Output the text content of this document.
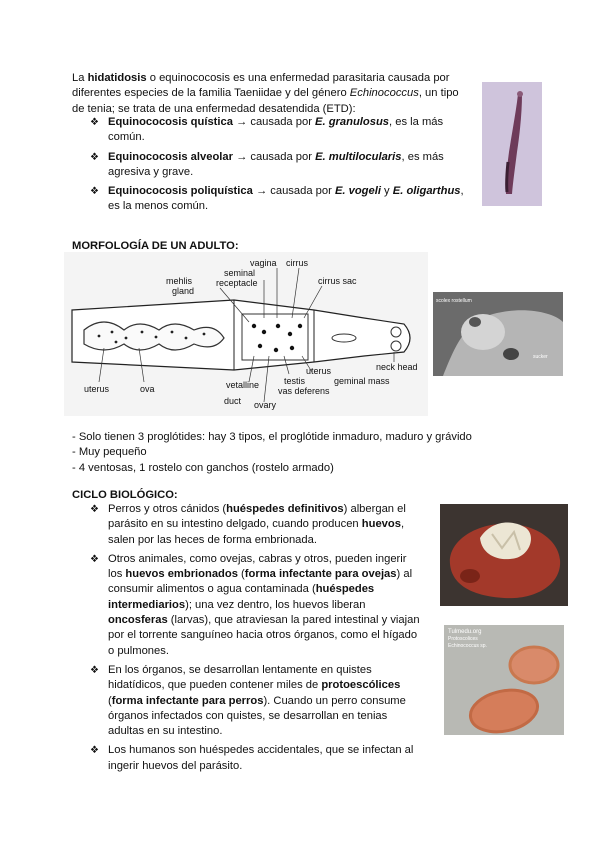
La hidatidosis o equinococosis es una enfermedad parasitaria causada por diferentes especies de la familia Taeniidae y del género Echinococcus, un tipo de tenia; se trata de una enfermedad desatendida (ETD):
❖ Equinococosis quística → causada por E. granulosus, es la más común.
❖ Equinococosis alveolar → causada por E. multilocularis, es más agresiva y grave.
❖ Equinococosis poliquística → causada por E. vogeli y E. oligarthus, es la menos común.
MORFOLOGÍA DE UN ADULTO:
mehlis
gland
seminal
receptacle
vagina cirrus
cirrus sac
neck head
uterus	ova	vetalline
duct ovary
testis
vas deferens
uterus
geminal mass
scolex rostellum
sucker
- Solo tienen 3 proglótides: hay 3 tipos, el proglótide inmaduro, maduro y grávido
- Muy pequeño
- 4 ventosas, 1 rostelo con ganchos (rostelo armado)
CICLO BIOLÓGICO:
❖ Perros y otros cánidos (huéspedes definitivos) albergan el parásito en su intestino delgado, cuando producen huevos, salen por las heces de forma embrionada.
❖ Otros animales, como ovejas, cabras y otros, pueden ingerir los huevos embrionados (forma infectante para ovejas) al consumir alimentos o agua contaminada (huéspedes intermediarios); una vez dentro, los huevos liberan oncosferas (larvas), que atraviesan la pared intestinal y viajan por el torrente sanguíneo hacia otros órganos, como el hígado o pulmones.
❖ En los órganos, se desarrollan lentamente en quistes hidatídicos, que pueden contener miles de protoescólices (forma infectante para perros). Cuando un perro consume órganos infectados con quistes, se desarrollan en tenias adultas en su intestino.
❖ Los humanos son huéspedes accidentales, que se infectan al ingerir huevos del parásito.
Tulmedu.org
Protoscolices
Echinococcus sp.
